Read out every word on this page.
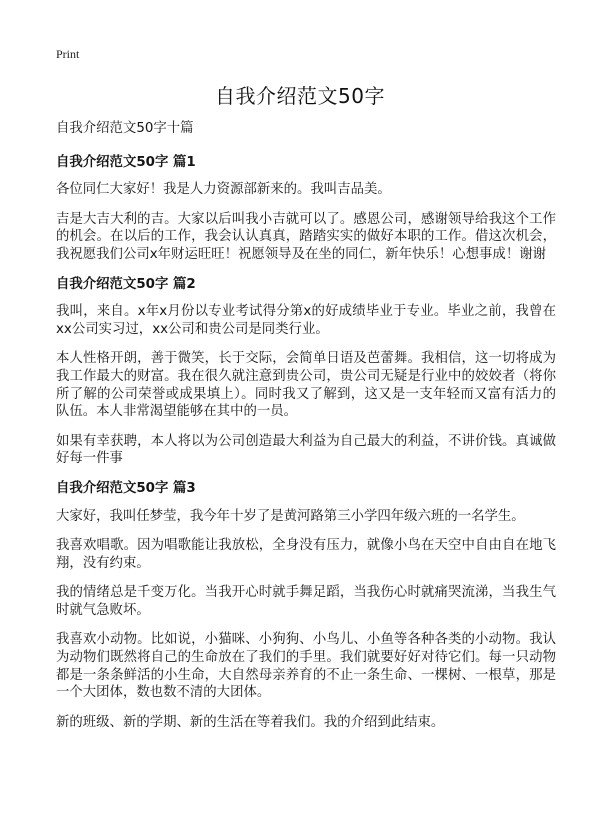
Print
自我介绍范文50字
自我介绍范文50字十篇
自我介绍范文50字 篇1
各位同仁大家好！我是人力资源部新来的。我叫吉品美。
吉是大吉大利的吉。大家以后叫我小吉就可以了。感恩公司，感谢领导给我这个工作的机会。在以后的工作，我会认认真真，踏踏实实的做好本职的工作。借这次机会，我祝愿我们公司x年财运旺旺！祝愿领导及在坐的同仁，新年快乐！心想事成！谢谢
自我介绍范文50字 篇2
我叫，来自。x年x月份以专业考试得分第x的好成绩毕业于专业。毕业之前，我曾在xx公司实习过，xx公司和贵公司是同类行业。
本人性格开朗，善于微笑，长于交际，会简单日语及芭蕾舞。我相信，这一切将成为我工作最大的财富。我在很久就注意到贵公司，贵公司无疑是行业中的姣姣者（将你所了解的公司荣誉或成果填上）。同时我又了解到，这又是一支年轻而又富有活力的队伍。本人非常渴望能够在其中的一员。
如果有幸获聘，本人将以为公司创造最大利益为自己最大的利益，不讲价钱。真诚做好每一件事
自我介绍范文50字 篇3
大家好，我叫任梦莹，我今年十岁了是黄河路第三小学四年级六班的一名学生。
我喜欢唱歌。因为唱歌能让我放松，全身没有压力，就像小鸟在天空中自由自在地飞翔，没有约束。
我的情绪总是千变万化。当我开心时就手舞足蹈，当我伤心时就痛哭流涕，当我生气时就气急败坏。
我喜欢小动物。比如说，小猫咪、小狗狗、小鸟儿、小鱼等各种各类的小动物。我认为动物们既然将自己的生命放在了我们的手里。我们就要好好对待它们。每一只动物都是一条条鲜活的小生命，大自然母亲养育的不止一条生命、一棵树、一根草，那是一个大团体，数也数不清的大团体。
新的班级、新的学期、新的生活在等着我们。我的介绍到此结束。
